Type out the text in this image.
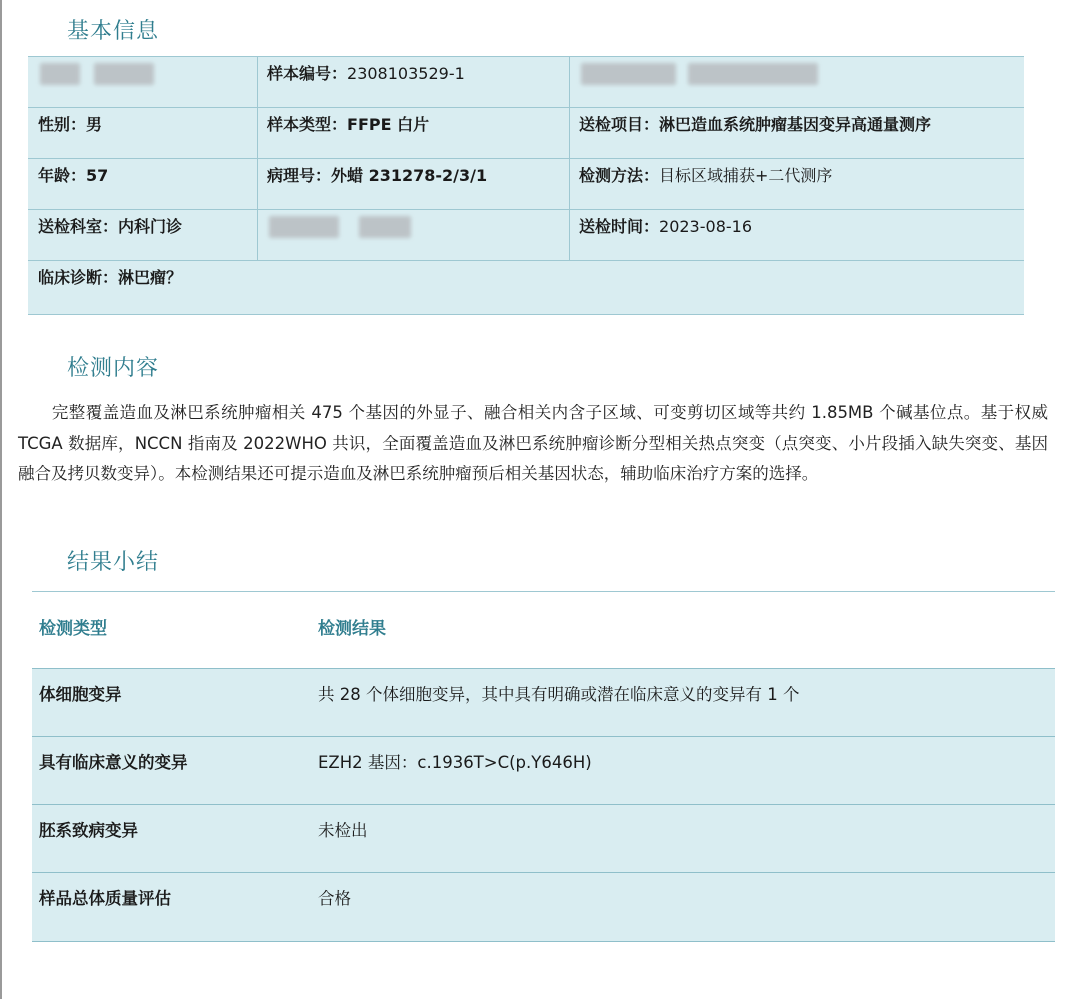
基本信息
样本编号： 2308103529-1
性别： 男	样本类型： FFPE 白片	送检项目： 淋巴造血系统肿瘤基因变异高通量测序
年龄： 57	病理号： 外蜡 231278-2/3/1	检测方法： 目标区域捕获+二代测序
送检科室： 内科门诊	送检时间： 2023-08-16
临床诊断： 淋巴瘤？
检测内容
　　完整覆盖造血及淋巴系统肿瘤相关 475 个基因的外显子、融合相关内含子区域、可变剪切区域等共约 1.85MB 个碱基位点。基于权威 TCGA 数据库，NCCN 指南及 2022WHO 共识，全面覆盖造血及淋巴系统肿瘤诊断分型相关热点突变（点突变、小片段插入缺失突变、基因融合及拷贝数变异）。本检测结果还可提示造血及淋巴系统肿瘤预后相关基因状态，辅助临床治疗方案的选择。
结果小结
检测类型	检测结果
体细胞变异	共 28 个体细胞变异，其中具有明确或潜在临床意义的变异有 1 个
具有临床意义的变异	EZH2 基因：c.1936T>C(p.Y646H)
胚系致病变异	未检出
样品总体质量评估	合格
